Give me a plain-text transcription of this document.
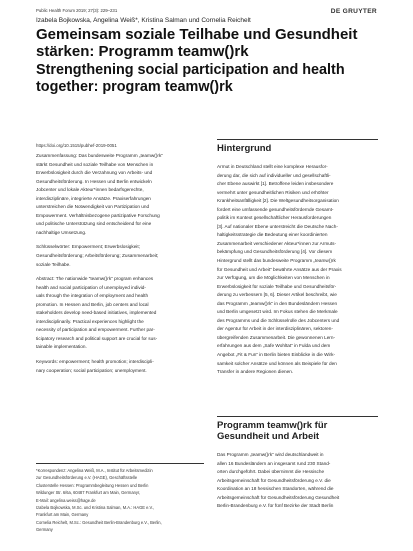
Public Health Forum 2019; 27(3): 229–231	DE GRUYTER
Izabela Bojkowska, Angelina Weiß*, Kristina Salman und Cornelia Reichelt
Gemeinsam soziale Teilhabe und Gesundheit stärken: Programm teamw()rk
Strengthening social participation and health together: program teamw()rk
https://doi.org/10.1515/pubhef-2019-0051
Zusammenfassung: Das bundesweite Programm „teamw()rk“
stärkt Gesundheit und soziale Teilhabe von Menschen in
Erwerbslosigkeit durch die Verzahnung von Arbeits- und
Gesundheitsförderung. In Hessen und Berlin entwickeln
Jobcenter und lokale Akteur*innen bedarfsgerechte,
interdisziplinäre, integrierte Ansätze. Praxiserfahrungen
unterstreichen die Notwendigkeit von Partizipation und
Empowerment. Verhältnisbezogene partizipative Forschung
und politische Unterstützung sind entscheidend für eine
nachhaltige Umsetzung.
Schlüsselwörter: Empowerment; Erwerbslosigkeit;
Gesundheitsförderung; Arbeitsförderung; Zusammenarbeit;
soziale Teilhabe.
Abstract: The nationwide “teamw()rk” program enhances
health and social participation of unemployed individ-
uals through the integration of employment and health
promotion. In Hessen and Berlin, job centers and local
stakeholders develop need-based initiatives, implemented
interdisciplinarily. Practical experiences highlight the
necessity of participation and empowerment. Further par-
ticipatory research and political support are crucial for sus-
tainable implementation.
Keywords: empowerment; health promotion; interdiscipli-
nary cooperation; social participation; unemployment.
*Korrespondenz: Angelina Weiß, M.A., Institut für Arbeitsmedizin
zur Gesundheitsförderung e.V. (HAGE), Geschäftsstelle
Clusterstelle Hessen: Programmbegleitung Hessen und Berlin
Wildunger Str. 6/6a, 60487 Frankfurt am Main, Germanyr,
E-Mail: angelina.weiss@hage.de
Izabela Bojkowska, M.Sc. und Kristina Salman, M.A.: HAGE e.V.,
Frankfurt am Main, Germany
Cornelia Reichelt, M.Sc.: Gesundheit Berlin-Brandenburg e.V., Berlin,
Germany
Hintergrund
Armut in Deutschland stellt eine komplexe Herausfor-
derung dar, die sich auf individueller und gesellschaftli-
cher Ebene auswirkt [1]. Betroffene leiden insbesondere
vermehrt unter gesundheitlichen Risiken und erhöhter
Krankheitsanfälligkeit [2]. Die Weltgesundheitsorganisation
fordert eine umfassende gesundheitsfördernde Gesamt-
politik im Kontext gesellschaftlicher Herausforderungen
[3]. Auf nationaler Ebene unterstreicht die Deutsche Nach-
haltigkeitsstrategie die Bedeutung einer koordinierten
Zusammenarbeit verschiedener Akteur*innen zur Armuts-
bekämpfung und Gesundheitsförderung [4]. Vor diesem
Hintergrund stellt das bundesweite Programm „teamw()rk
für Gesundheit und Arbeit“ bewährte Ansätze aus der Praxis
zur Verfügung, um die Möglichkeiten von Menschen in
Erwerbslosigkeit für soziale Teilhabe und Gesundheitsför-
derung zu verbessern [5, 6]. Dieser Artikel beschreibt, wie
das Programm „teamw()rk“ in den Bundesländern Hessen
und Berlin umgesetzt wird. Im Fokus stehen die Merkmale
des Programms und die Schlüsselrolle des Jobcenters und
der Agentur für Arbeit in der interdisziplinären, sektoren-
übergreifenden Zusammenarbeit. Die gewonnenen Lern-
erfahrungen aus dem „Safe Wohltat“ in Fulda und dem
Angebot „Fit & Fun“ in Berlin bieten Einblicke in die Wirk-
samkeit solcher Ansätze und können als Beispiele für den
Transfer in andere Regionen dienen.
Programm teamw()rk für Gesundheit und Arbeit
Das Programm „teamw()rk“ wird deutschlandweit in
allen 16 Bundesländern an insgesamt rund 230 Stand-
orten durchgeführt. Dabei übernimmt die Hessische
Arbeitsgemeinschaft für Gesundheitsförderung e.V. die
Koordination an 18 hessischen Standorten, während die
Arbeitsgemeinschaft für Gesundheitsförderung Gesundheit
Berlin-Brandenburg e.V. für fünf Bezirke der Stadt Berlin
